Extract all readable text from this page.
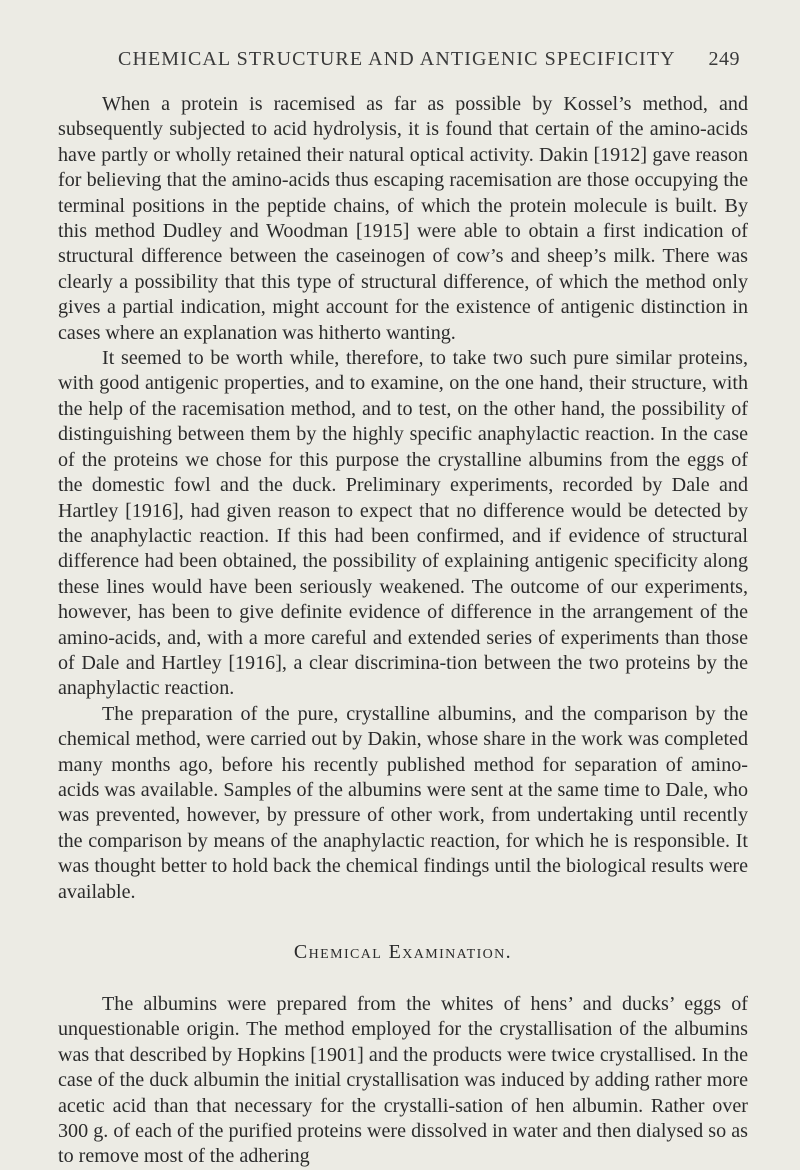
CHEMICAL STRUCTURE AND ANTIGENIC SPECIFICITY 249

When a protein is racemised as far as possible by Kossel’s method, and subsequently subjected to acid hydrolysis, it is found that certain of the amino-acids have partly or wholly retained their natural optical activity. Dakin [1912] gave reason for believing that the amino-acids thus escaping racemisation are those occupying the terminal positions in the peptide chains, of which the protein molecule is built. By this method Dudley and Woodman [1915] were able to obtain a first indication of structural difference between the caseinogen of cow’s and sheep’s milk. There was clearly a possibility that this type of structural difference, of which the method only gives a partial indication, might account for the existence of antigenic distinction in cases where an explanation was hitherto wanting.

It seemed to be worth while, therefore, to take two such pure similar proteins, with good antigenic properties, and to examine, on the one hand, their structure, with the help of the racemisation method, and to test, on the other hand, the possibility of distinguishing between them by the highly specific anaphylactic reaction. In the case of the proteins we chose for this purpose the crystalline albumins from the eggs of the domestic fowl and the duck. Preliminary experiments, recorded by Dale and Hartley [1916], had given reason to expect that no difference would be detected by the anaphylactic reaction. If this had been confirmed, and if evidence of structural difference had been obtained, the possibility of explaining antigenic specificity along these lines would have been seriously weakened. The outcome of our experiments, however, has been to give definite evidence of difference in the arrangement of the amino-acids, and, with a more careful and extended series of experiments than those of Dale and Hartley [1916], a clear discrimina-tion between the two proteins by the anaphylactic reaction.

The preparation of the pure, crystalline albumins, and the comparison by the chemical method, were carried out by Dakin, whose share in the work was completed many months ago, before his recently published method for separation of amino-acids was available. Samples of the albumins were sent at the same time to Dale, who was prevented, however, by pressure of other work, from undertaking until recently the comparison by means of the anaphylactic reaction, for which he is responsible. It was thought better to hold back the chemical findings until the biological results were available.

Chemical Examination.

The albumins were prepared from the whites of hens’ and ducks’ eggs of unquestionable origin. The method employed for the crystallisation of the albumins was that described by Hopkins [1901] and the products were twice crystallised. In the case of the duck albumin the initial crystallisation was induced by adding rather more acetic acid than that necessary for the crystalli-sation of hen albumin. Rather over 300 g. of each of the purified proteins were dissolved in water and then dialysed so as to remove most of the adhering
